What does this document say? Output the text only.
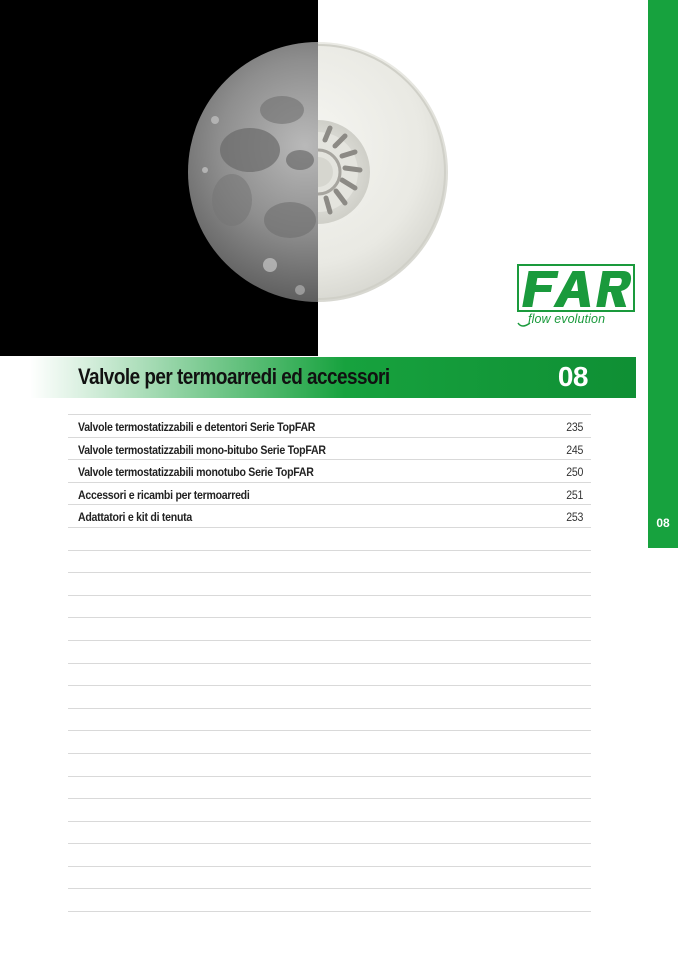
flow evolution
08
Valvole per termoarredi ed accessori	08
Valvole termostatizzabili e detentori Serie TopFAR	235
Valvole termostatizzabili mono-bitubo Serie TopFAR	245
Valvole termostatizzabili monotubo Serie TopFAR	250
Accessori e ricambi per termoarredi	251
Adattatori e kit di tenuta	253
